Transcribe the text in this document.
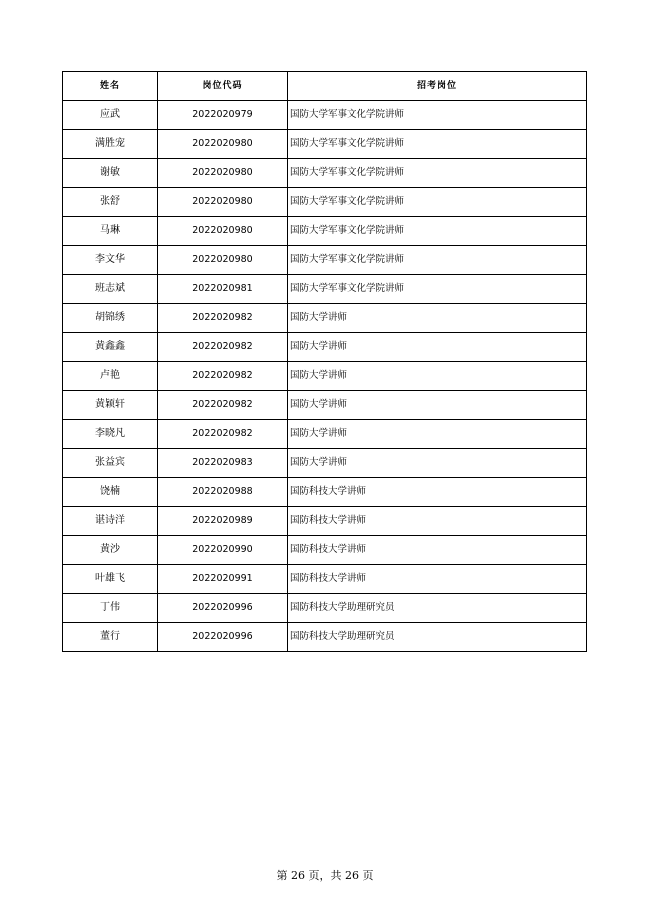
姓名	岗位代码	招考岗位
应武	2022020979	国防大学军事文化学院讲师
满胜宠	2022020980	国防大学军事文化学院讲师
谢敏	2022020980	国防大学军事文化学院讲师
张舒	2022020980	国防大学军事文化学院讲师
马琳	2022020980	国防大学军事文化学院讲师
李文华	2022020980	国防大学军事文化学院讲师
班志斌	2022020981	国防大学军事文化学院讲师
胡锦绣	2022020982	国防大学讲师
黄鑫鑫	2022020982	国防大学讲师
卢艳	2022020982	国防大学讲师
黄颖轩	2022020982	国防大学讲师
李晓凡	2022020982	国防大学讲师
张益宾	2022020983	国防大学讲师
饶楠	2022020988	国防科技大学讲师
谌诗洋	2022020989	国防科技大学讲师
黄沙	2022020990	国防科技大学讲师
叶雄飞	2022020991	国防科技大学讲师
丁伟	2022020996	国防科技大学助理研究员
董行	2022020996	国防科技大学助理研究员
第 26 页，共 26 页
